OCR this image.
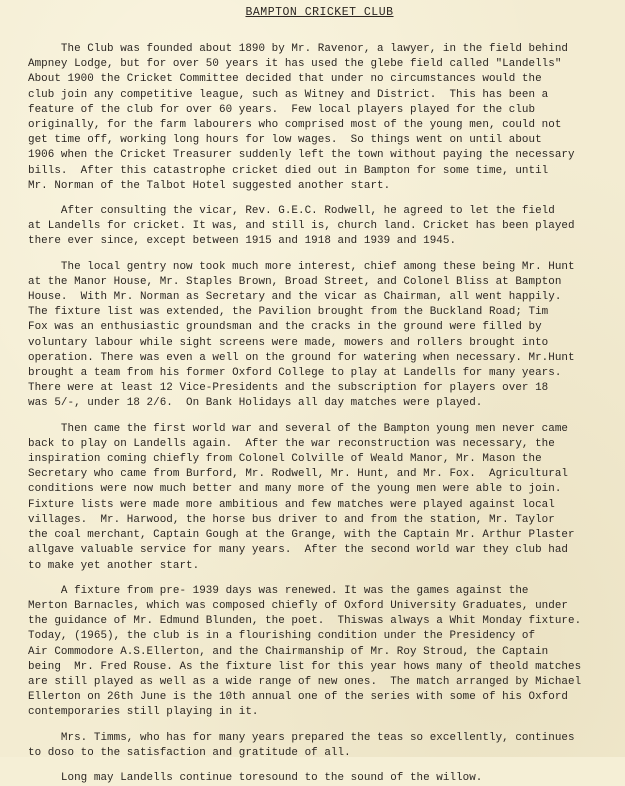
BAMPTON CRICKET CLUB
The Club was founded about 1890 by Mr. Ravenor, a lawyer, in the field behind
Ampney Lodge, but for over 50 years it has used the glebe field called "Landells"
About 1900 the Cricket Committee decided that under no circumstances would the
club join any competitive league, such as Witney and District.  This has been a
feature of the club for over 60 years.  Few local players played for the club
originally, for the farm labourers who comprised most of the young men, could not
get time off, working long hours for low wages.  So things went on until about
1906 when the Cricket Treasurer suddenly left the town without paying the necessary
bills.  After this catastrophe cricket died out in Bampton for some time, until
Mr. Norman of the Talbot Hotel suggested another start.
After consulting the vicar, Rev. G.E.C. Rodwell, he agreed to let the field
at Landells for cricket. It was, and still is, church land. Cricket has been played
there ever since, except between 1915 and 1918 and 1939 and 1945.
The local gentry now took much more interest, chief among these being Mr. Hunt
at the Manor House, Mr. Staples Brown, Broad Street, and Colonel Bliss at Bampton
House.  With Mr. Norman as Secretary and the vicar as Chairman, all went happily.
The fixture list was extended, the Pavilion brought from the Buckland Road; Tim
Fox was an enthusiastic groundsman and the cracks in the ground were filled by
voluntary labour while sight screens were made, mowers and rollers brought into
operation. There was even a well on the ground for watering when necessary. Mr.Hunt
brought a team from his former Oxford College to play at Landells for many years.
There were at least 12 Vice-Presidents and the subscription for players over 18
was 5/-, under 18 2/6.  On Bank Holidays all day matches were played.
Then came the first world war and several of the Bampton young men never came
back to play on Landells again.  After the war reconstruction was necessary, the
inspiration coming chiefly from Colonel Colville of Weald Manor, Mr. Mason the
Secretary who came from Burford, Mr. Rodwell, Mr. Hunt, and Mr. Fox.  Agricultural
conditions were now much better and many more of the young men were able to join.
Fixture lists were made more ambitious and few matches were played against local
villages.  Mr. Harwood, the horse bus driver to and from the station, Mr. Taylor
the coal merchant, Captain Gough at the Grange, with the Captain Mr. Arthur Plaster
allgave valuable service for many years.  After the second world war they club had
to make yet another start.
A fixture from pre- 1939 days was renewed. It was the games against the
Merton Barnacles, which was composed chiefly of Oxford University Graduates, under
the guidance of Mr. Edmund Blunden, the poet.  Thiswas always a Whit Monday fixture.
Today, (1965), the club is in a flourishing condition under the Presidency of
Air Commodore A.S.Ellerton, and the Chairmanship of Mr. Roy Stroud, the Captain
being  Mr. Fred Rouse. As the fixture list for this year hows many of theold matches
are still played as well as a wide range of new ones.  The match arranged by Michael
Ellerton on 26th June is the 10th annual one of the series with some of his Oxford
contemporaries still playing in it.
Mrs. Timms, who has for many years prepared the teas so excellently, continues
to doso to the satisfaction and gratitude of all.
Long may Landells continue toresound to the sound of the willow.
